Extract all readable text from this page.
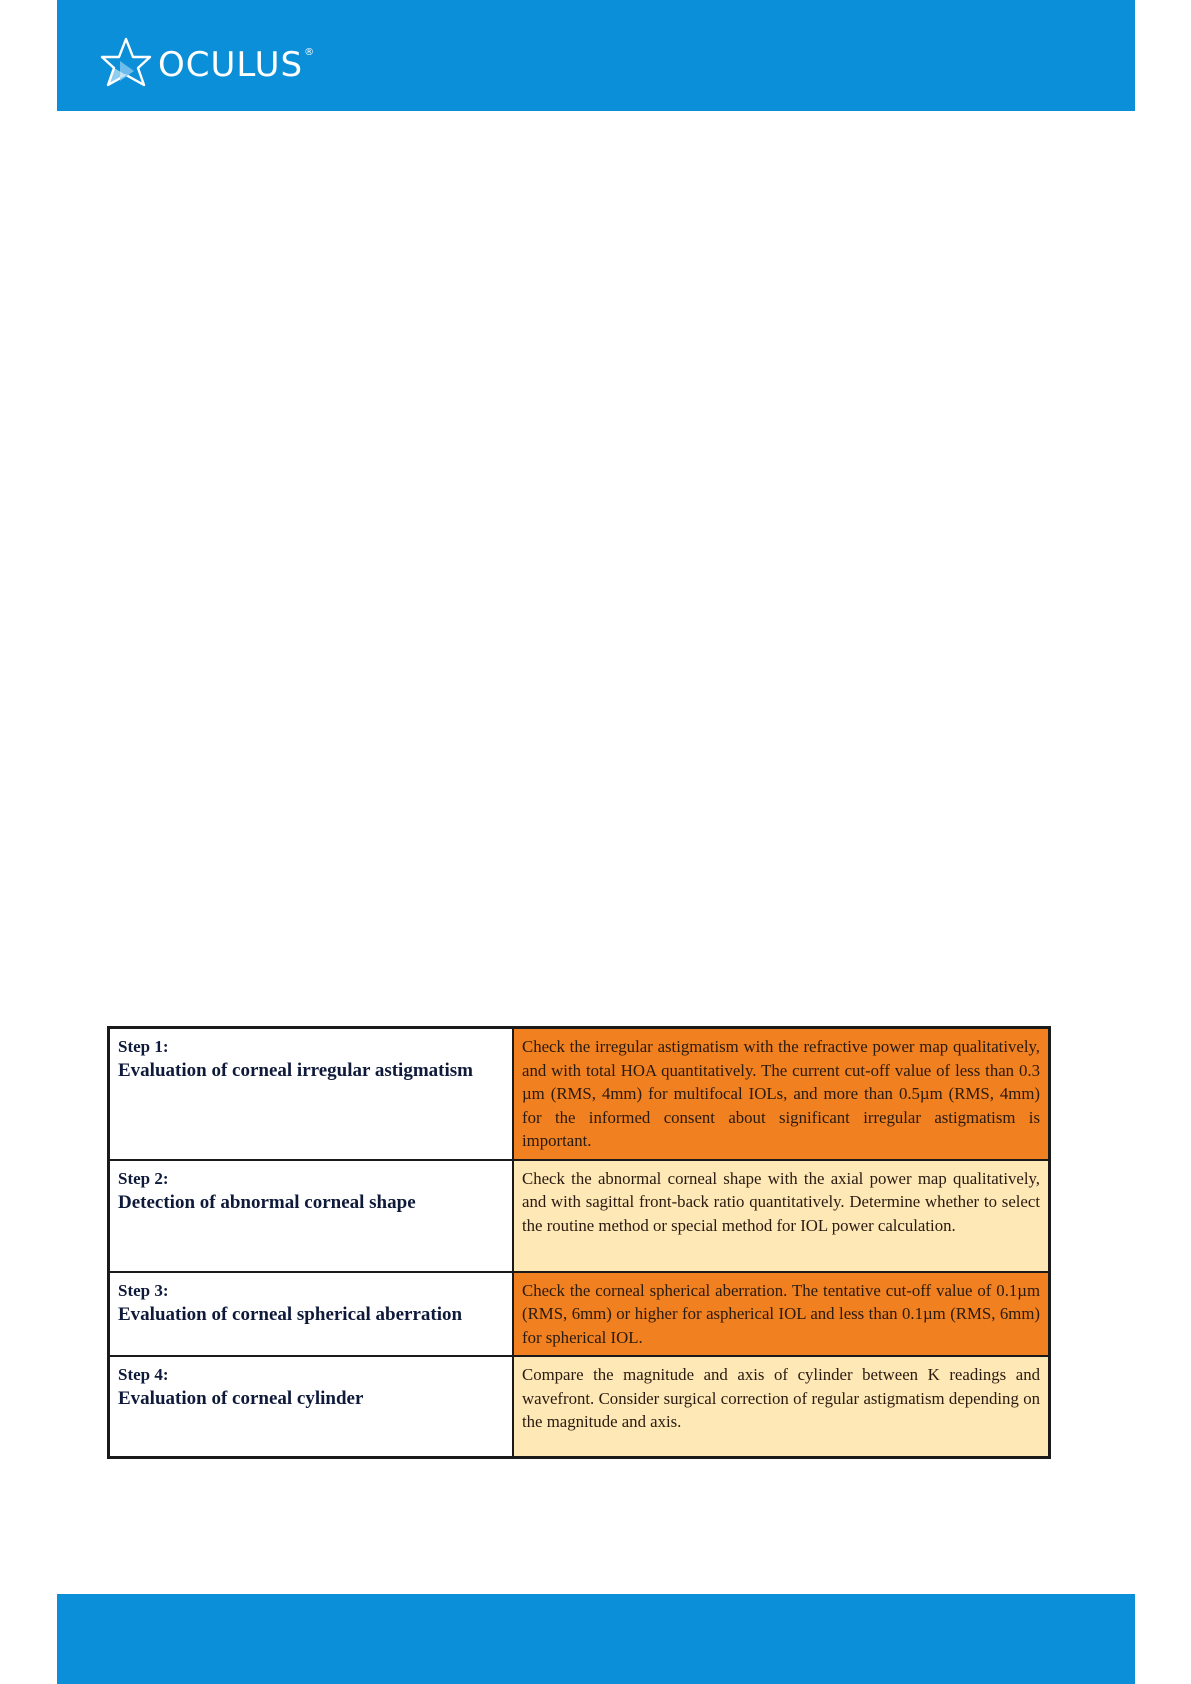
OCULUS ®
Step 1:
Evaluation of corneal irregular astigmatism	Check the irregular astigmatism with the refractive power map qualitatively, and with total HOA quantitatively. The current cut-off value of less than 0.3 µm (RMS, 4mm) for multifocal IOLs, and more than 0.5µm (RMS, 4mm) for the informed consent about significant irregular astigmatism is important.

Step 2:
Detection of abnormal corneal shape	Check the abnormal corneal shape with the axial power map qualitatively, and with sagittal front-back ratio quantitatively. Determine whether to select the routine method or special method for IOL power calculation.

Step 3:
Evaluation of corneal spherical aberration	Check the corneal spherical aberration. The tentative cut-off value of 0.1µm (RMS, 6mm) or higher for aspherical IOL and less than 0.1µm (RMS, 6mm) for spherical IOL.

Step 4:
Evaluation of corneal cylinder	Compare the magnitude and axis of cylinder between K readings and wavefront. Consider surgical correction of regular astigmatism depending on the magnitude and axis.
